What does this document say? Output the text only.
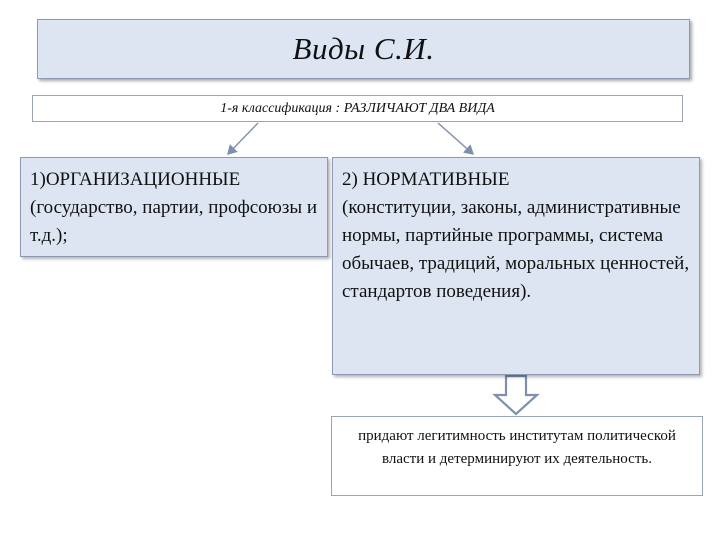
Виды С.И.
1-я классификация : РАЗЛИЧАЮТ ДВА ВИДА
1)ОРГАНИЗАЦИОННЫЕ
(государство, партии, профсоюзы и т.д.);
2) НОРМАТИВНЫЕ
(конституции, законы, административные нормы, партийные программы, система обычаев, традиций, моральных ценностей, стандартов поведения).
придают легитимность институтам политической власти и детерминируют их деятельность.
